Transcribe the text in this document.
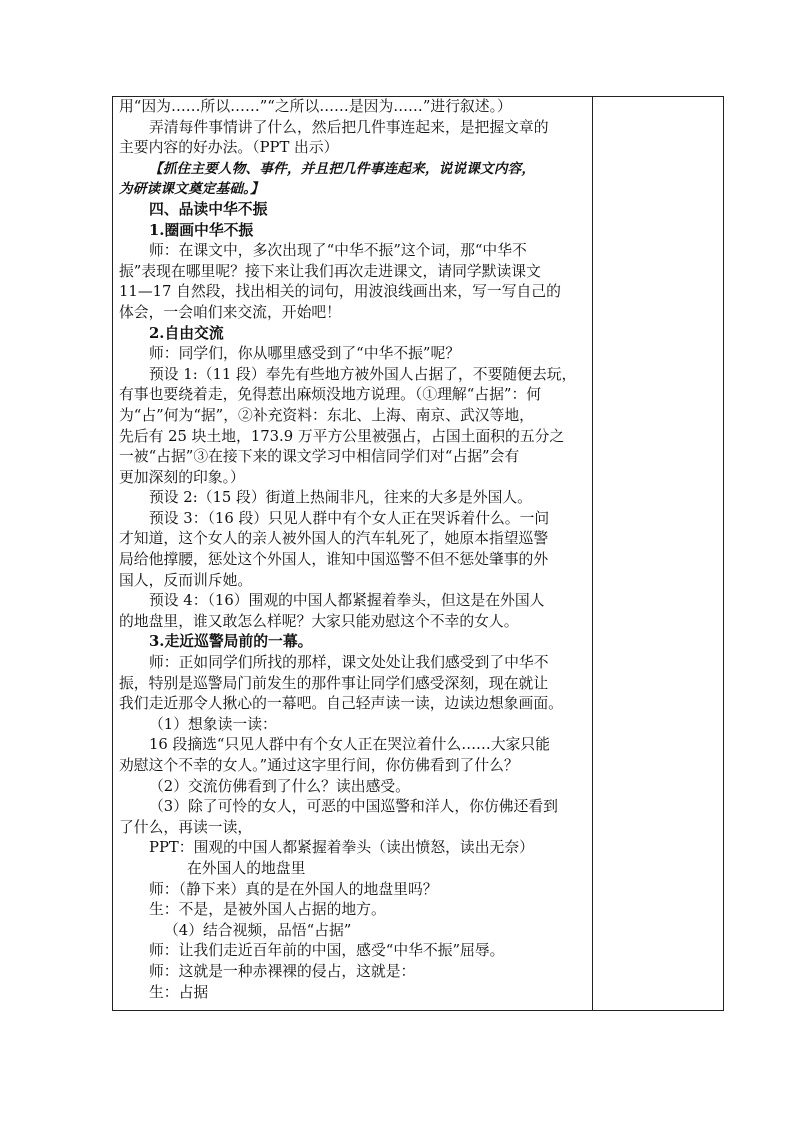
用“因为……所以……”“之所以……是因为……”进行叙述。）
弄清每件事情讲了什么，然后把几件事连起来，是把握文章的
主要内容的好办法。（PPT 出示）
【抓住主要人物、事件，并且把几件事连起来，说说课文内容，
为研读课文奠定基础。】
四、品读中华不振
1.圈画中华不振
师：在课文中，多次出现了“中华不振”这个词，那“中华不
振”表现在哪里呢？接下来让我们再次走进课文，请同学默读课文
11—17 自然段，找出相关的词句，用波浪线画出来，写一写自己的
体会，一会咱们来交流，开始吧！
2.自由交流
师：同学们，你从哪里感受到了“中华不振”呢？
预设 1:（11 段）奉先有些地方被外国人占据了，不要随便去玩，
有事也要绕着走，免得惹出麻烦没地方说理。（①理解“占据”：何
为“占”何为“据”，②补充资料：东北、上海、南京、武汉等地，
先后有 25 块土地，173.9 万平方公里被强占，占国土面积的五分之
一被“占据”③在接下来的课文学习中相信同学们对“占据”会有
更加深刻的印象。）
预设 2:（15 段）街道上热闹非凡，往来的大多是外国人。
预设 3：（16 段）只见人群中有个女人正在哭诉着什么。一问
才知道，这个女人的亲人被外国人的汽车轧死了，她原本指望巡警
局给他撑腰，惩处这个外国人，谁知中国巡警不但不惩处肇事的外
国人，反而训斥她。
预设 4：（16）围观的中国人都紧握着拳头，但这是在外国人
的地盘里，谁又敢怎么样呢？大家只能劝慰这个不幸的女人。
3.走近巡警局前的一幕。
师：正如同学们所找的那样，课文处处让我们感受到了中华不
振，特别是巡警局门前发生的那件事让同学们感受深刻，现在就让
我们走近那令人揪心的一幕吧。自己轻声读一读，边读边想象画面。
（1）想象读一读：
16 段摘选“只见人群中有个女人正在哭泣着什么……大家只能
劝慰这个不幸的女人。”通过这字里行间，你仿佛看到了什么？
（2）交流仿佛看到了什么？读出感受。
（3）除了可怜的女人，可恶的中国巡警和洋人，你仿佛还看到
了什么，再读一读，
PPT：围观的中国人都紧握着拳头（读出愤怒，读出无奈）
在外国人的地盘里
师：（静下来）真的是在外国人的地盘里吗？
生：不是，是被外国人占据的地方。
（4）结合视频，品悟“占据”
师：让我们走近百年前的中国，感受“中华不振”屈辱。
师：这就是一种赤裸裸的侵占，这就是：
生：占据
